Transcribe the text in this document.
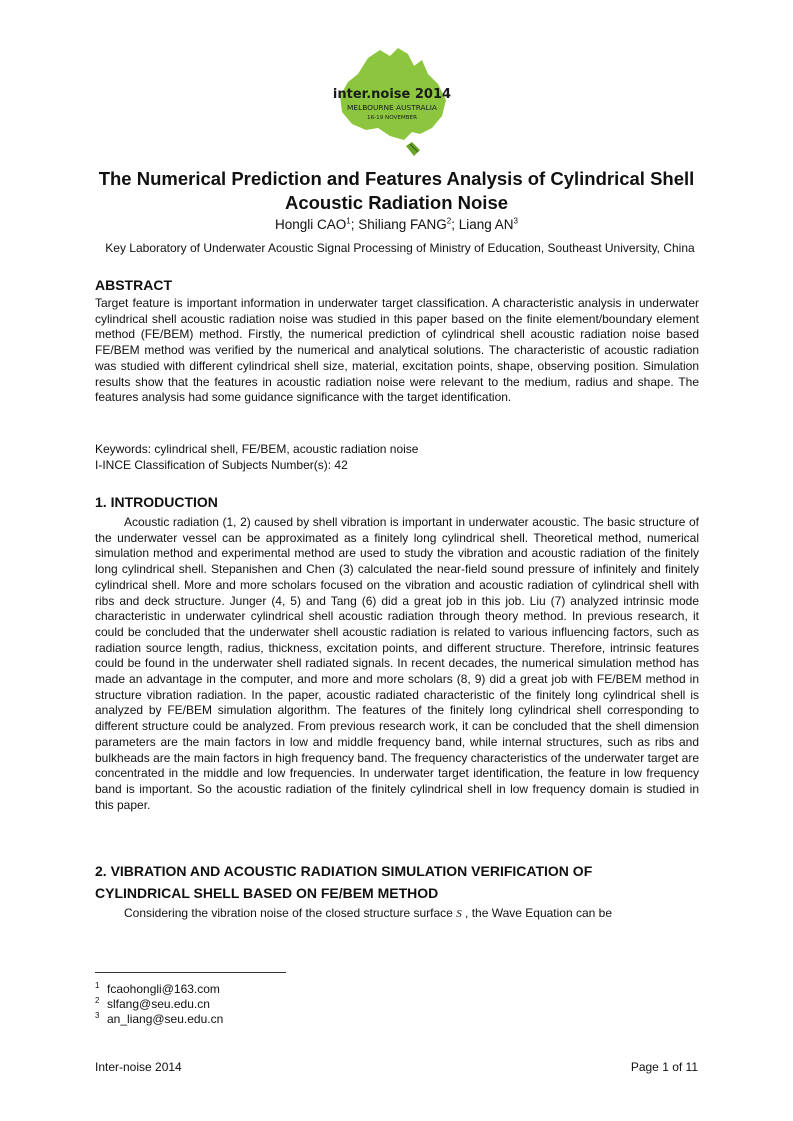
inter.noise 2014
MELBOURNE AUSTRALIA
16-19 NOVEMBER
The Numerical Prediction and Features Analysis of Cylindrical Shell
Acoustic Radiation Noise
Hongli CAO$^1$; Shiliang FANG$^2$; Liang $AN^3$
Key Laboratory of Underwater Acoustic Signal Processing of Ministry of Education, Southeast University, China
ABSTRACT
Target feature is important information in underwater target classification. A characteristic analysis in underwater cylindrical shell acoustic radiation noise was studied in this paper based on the finite element/boundary element method (FE/BEM) method. Firstly, the numerical prediction of cylindrical shell acoustic radiation noise based FE/BEM method was verified by the numerical and analytical solutions. The characteristic of acoustic radiation was studied with different cylindrical shell size, material, excitation points, shape, observing position. Simulation results show that the features in acoustic radiation noise were relevant to the medium, radius and shape. The features analysis had some guidance significance with the target identification.
Keywords: cylindrical shell, FE/BEM, acoustic radiation noise
I-INCE Classification of Subjects Number(s): 42
1. INTRODUCTION
Acoustic radiation (1, 2) caused by shell vibration is important in underwater acoustic. The basic structure of the underwater vessel can be approximated as a finitely long cylindrical shell. Theoretical method, numerical simulation method and experimental method are used to study the vibration and acoustic radiation of the finitely long cylindrical shell. Stepanishen and Chen (3) calculated the near-field sound pressure of infinitely and finitely cylindrical shell. More and more scholars focused on the vibration and acoustic radiation of cylindrical shell with ribs and deck structure. Junger (4, 5) and Tang (6) did a great job in this job. Liu (7) analyzed intrinsic mode characteristic in underwater cylindrical shell acoustic radiation through theory method. In previous research, it could be concluded that the underwater shell acoustic radiation is related to various influencing factors, such as radiation source length, radius, thickness, excitation points, and different structure. Therefore, intrinsic features could be found in the underwater shell radiated signals. In recent decades, the numerical simulation method has made an advantage in the computer, and more and more scholars (8, 9) did a great job with FE/BEM method in structure vibration radiation. In the paper, acoustic radiated characteristic of the finitely long cylindrical shell is analyzed by FE/BEM simulation algorithm. The features of the finitely long cylindrical shell corresponding to different structure could be analyzed. From previous research work, it can be concluded that the shell dimension parameters are the main factors in low and middle frequency band, while internal structures, such as ribs and bulkheads are the main factors in high frequency band. The frequency characteristics of the underwater target are concentrated in the middle and low frequencies. In underwater target identification, the feature in low frequency band is important. So the acoustic radiation of the finitely cylindrical shell in low frequency domain is studied in this paper.
2. VIBRATION AND ACOUSTIC RADIATION SIMULATION VERIFICATION OF
CYLINDRICAL SHELL BASED ON FE/BEM METHOD
Considering the vibration noise of the closed structure surface S , the Wave Equation can be
$^1$ fcaohongli@163.com
$^2$ slfang@seu.edu.cn
$^3$ an_liang@seu.edu.cn
Inter-noise 2014	Page 1 of 11
